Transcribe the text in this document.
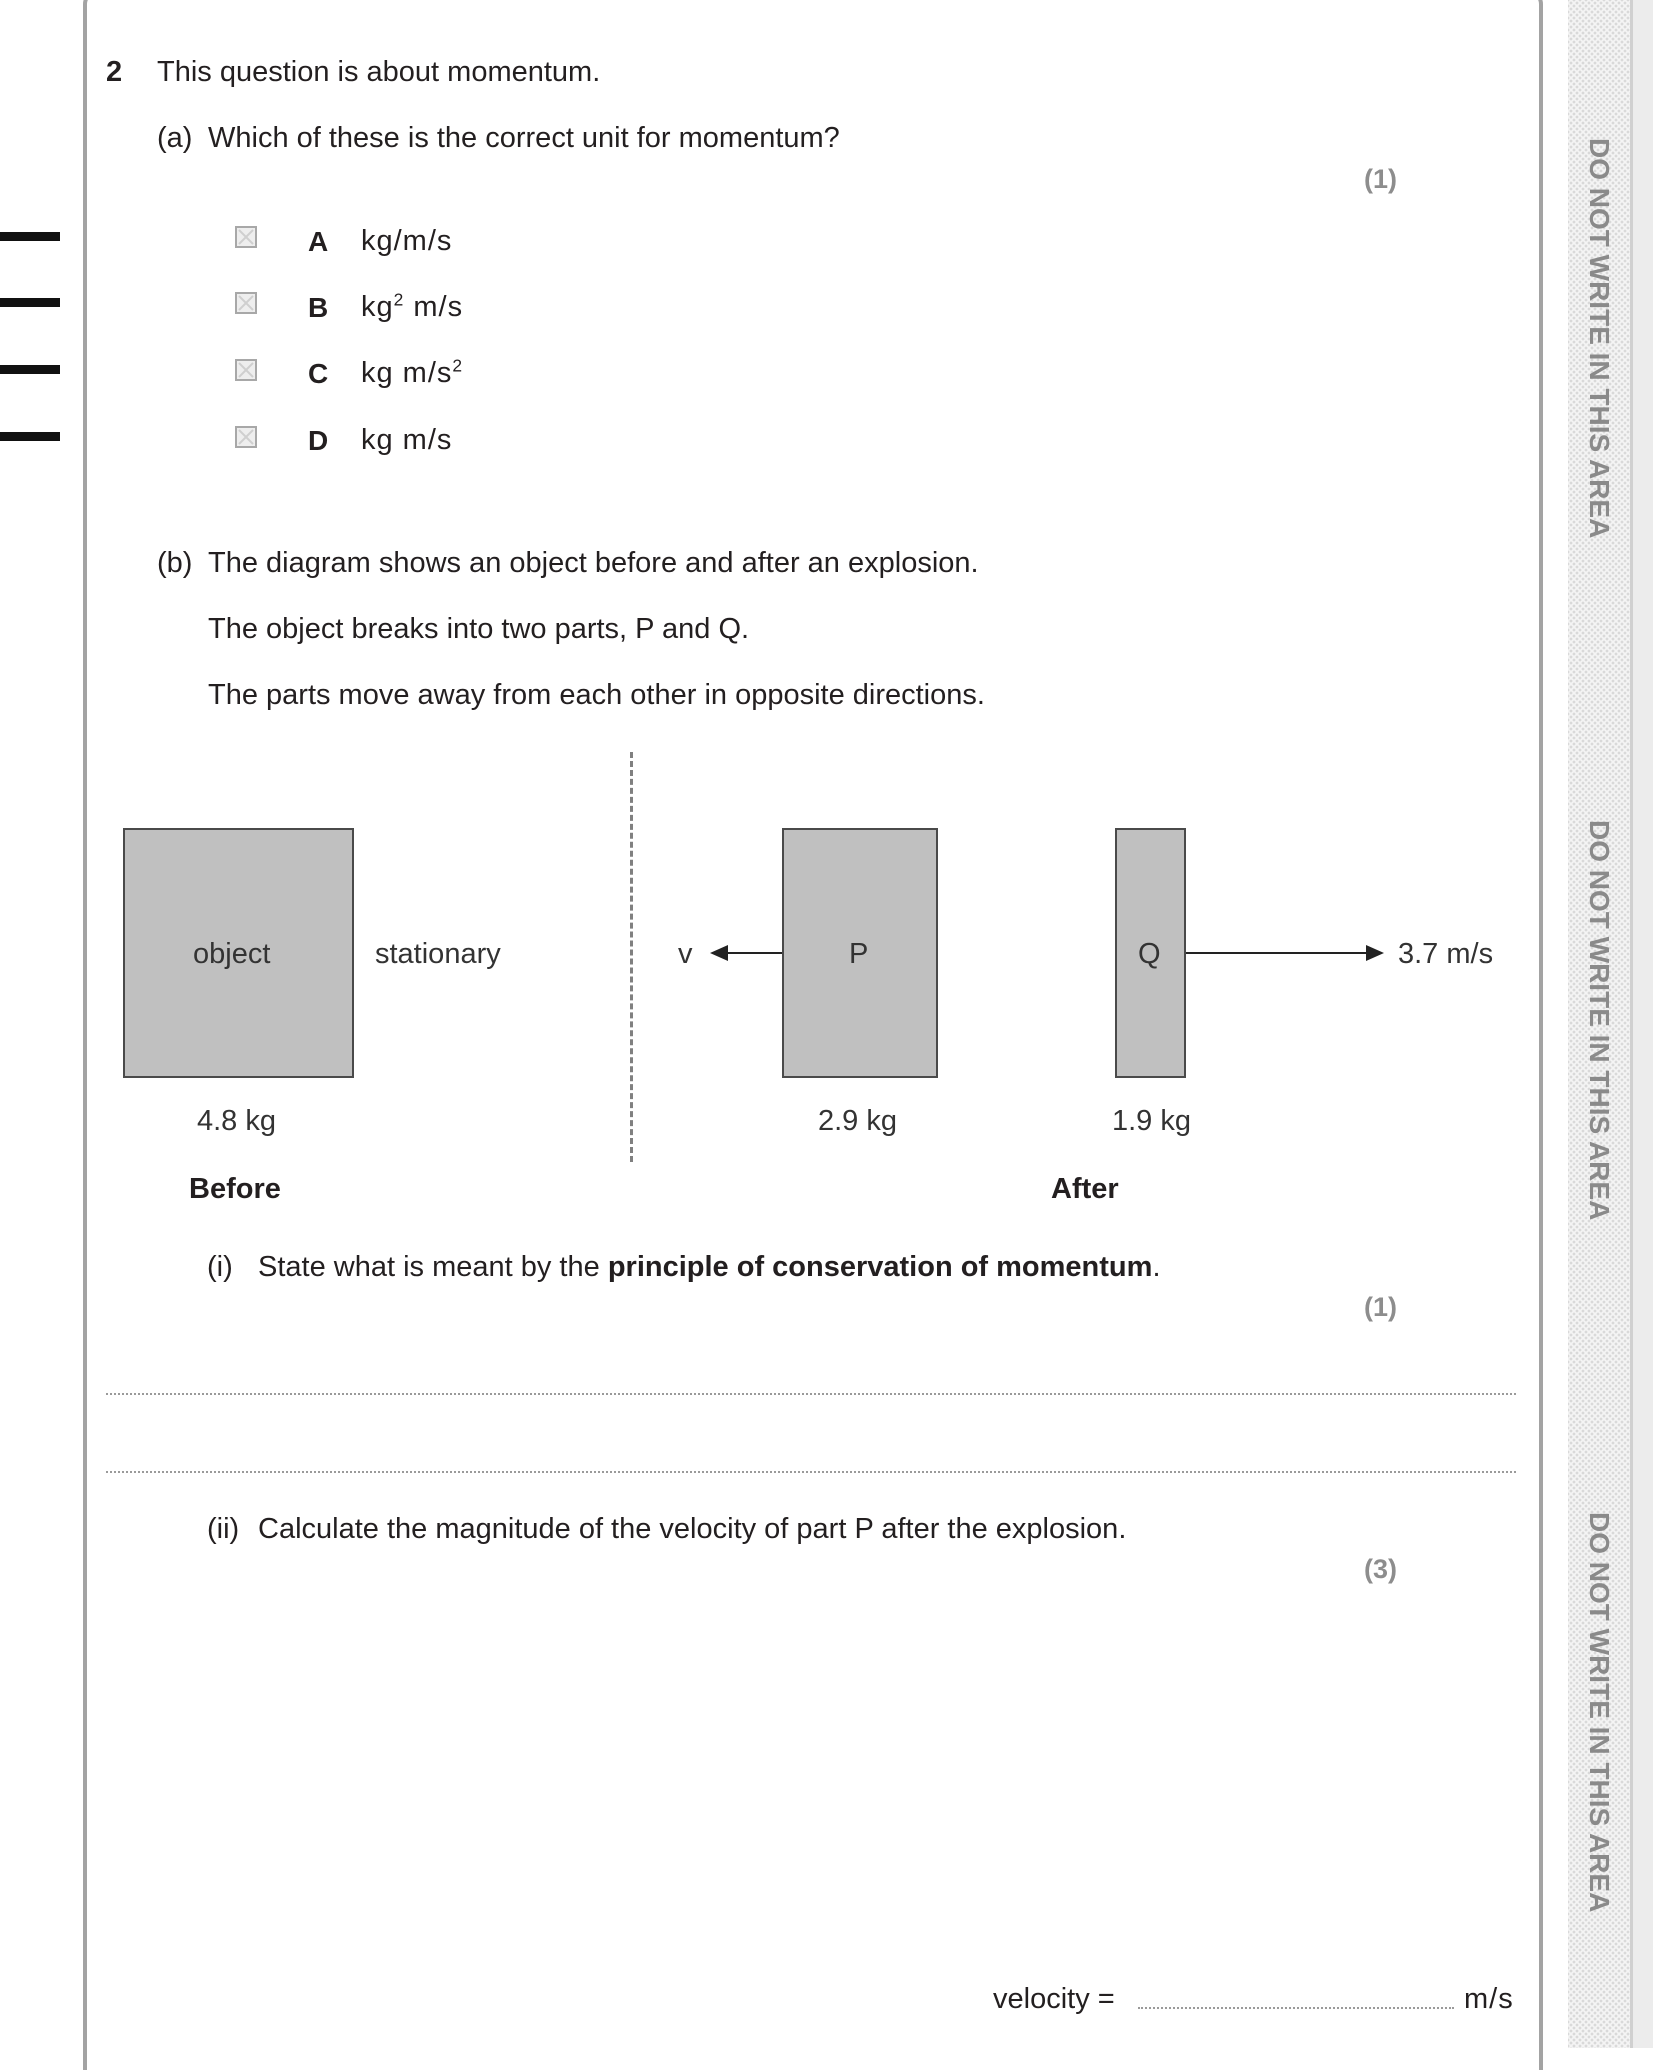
DO NOT WRITE IN THIS AREA
DO NOT WRITE IN THIS AREA
DO NOT WRITE IN THIS AREA
2 This question is about momentum.
(a) Which of these is the correct unit for momentum?
(1)
A kg/m/s
B $kg^2$ m/s
C kg $m/s^2$
D kg m/s
(b) The diagram shows an object before and after an explosion.
The object breaks into two parts, P and Q.
The parts move away from each other in opposite directions.
object	stationary
4.8 kg
Before
P
v
2.9 kg
Q	3.7 m/s
1.9 kg
After
(i) State what is meant by the principle of conservation of momentum.
(1)
(ii) Calculate the magnitude of the velocity of part P after the explosion.
(3)
velocity =	m/s
